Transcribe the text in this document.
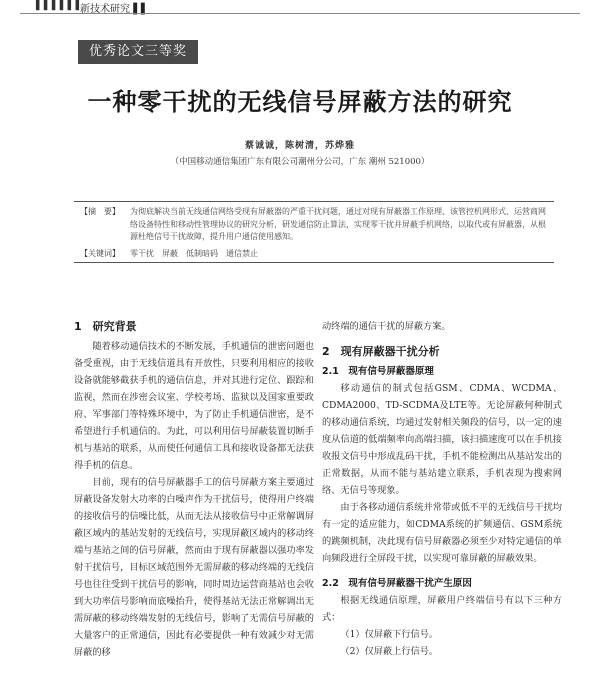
▌▌▌▌▌▌
新技术研究 ▌▌
优秀论文三等奖
一种零干扰的无线信号屏蔽方法的研究
蔡诚诚，陈树清，苏烨雅
（中国移动通信集团广东有限公司潮州分公司，广东 潮州 521000）
【摘　要】 为彻底解决当前无线通信网络受现有屏蔽器的严重干扰问题，通过对现有屏蔽器工作原理、该管控机网形式、运营商网络设备特性和移动性管理协议的研究分析，研发通信防止算法，实现零干扰并屏蔽手机网络，以取代或有屏蔽器，从根源杜绝信号干扰故障，提升用户通信使用感知。
【关键词】 零干扰　屏蔽　低制暗码　通信禁止
1　研究背景

随着移动通信技术的不断发展，手机通信的泄密问题也备受重视，由于无线信道具有开放性，只要利用相应的接收设备就能够截获手机的通信信息，并对其进行定位、跟踪和监视，然而在涉密会议室、学校考场、监狱以及国家重要政府、军事部门等特殊环境中，为了防止手机通信泄密，是不希望进行手机通信的。为此，可以利用信号屏蔽装置切断手机与基站的联系，从而使任何通信工具和接收设备都无法获得手机的信息。

目前，现有的信号屏蔽器手工的信号屏蔽方案主要通过屏蔽设备发射大功率的白噪声作为干扰信号，使得用户终端的接收信号的信噪比低，从而无法从接收信号中正常解调屏蔽区域内的基站发射的无线信号，实现屏蔽区域内的移动终端与基站之间的信号屏蔽，然而由于现有屏蔽器以强功率发射干扰信号，目标区域范围外无需屏蔽的移动终端的无线信号也往往受到干扰信号的影响，同时周边运营商基站也会收到大功率信号影响而底噪抬升，使得基站无法正常解调出无需屏蔽的移动终端发射的无线信号，影响了无需信号屏蔽的大量客户的正常通信，因此有必要提供一种有效减少对无需屏蔽的移

动终端的通信干扰的屏蔽方案。

2　现有屏蔽器干扰分析
2.1　现有信号屏蔽器原理

移动通信的制式包括GSM、CDMA、WCDMA、CDMA2000、TD-SCDMA及LTE等。无论屏蔽何种制式的移动通信系统，均通过发射相关频段的信号，以一定的速度从信道的低端频率向高端扫描，该扫描速度可以在手机接收报文信号中形成乱码干扰，手机不能检测出从基站发出的正常数据，从而不能与基站建立联系，手机表现为搜索网络、无信号等现象。

由于各移动通信系统并常带或低不平的无线信号干扰均有一定的适应能力，如CDMA系统的扩频通信、GSM系统的跳频机制，决此现有信号屏蔽器必须至少对特定通信的单向频段进行全屏段干扰，以实现可靠屏蔽的屏蔽效果。

2.2　现有信号屏蔽器干扰产生原因

根据无线通信原理，屏蔽用户终端信号有以下三种方式：

（1）仅屏蔽下行信号。

（2）仅屏蔽上行信号。
